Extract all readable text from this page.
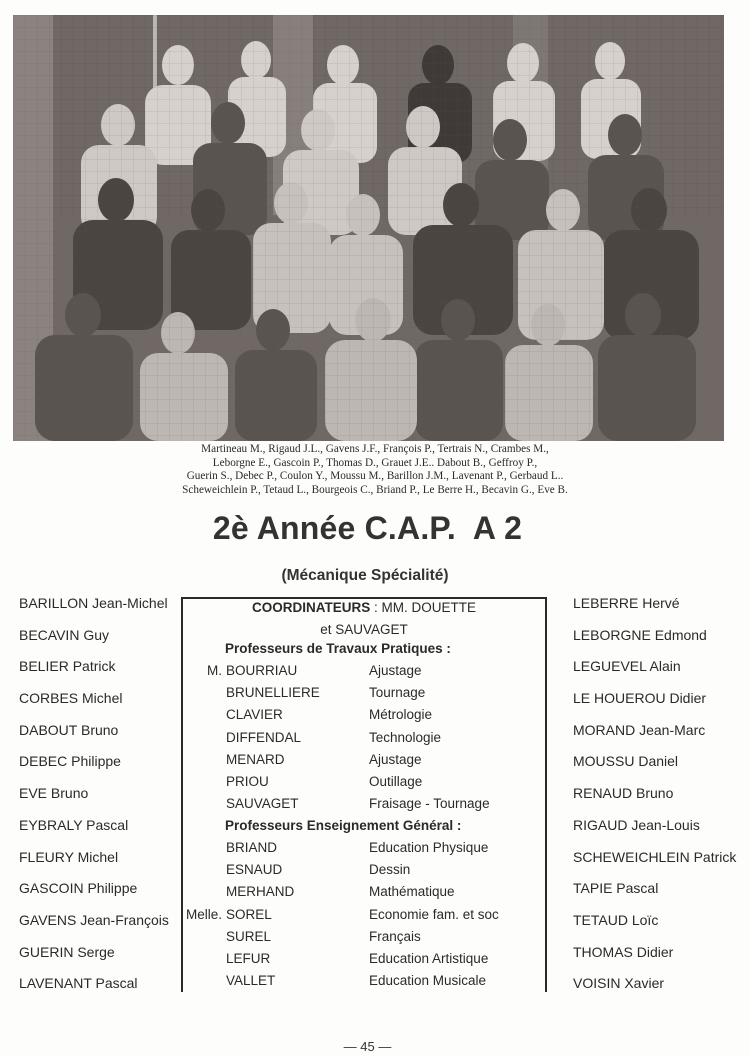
Martineau M., Rigaud J.L., Gavens J.F., François P., Tertrais N., Crambes M.,
Leborgne E., Gascoin P., Thomas D., Grauet J.E.. Dabout B., Geffroy P.,
Guerin S., Debec P., Coulon Y., Moussu M., Barillon J.M., Lavenant P., Gerbaud L..
Scheweichlein P., Tetaud L., Bourgeois C., Briand P., Le Berre H., Becavin G., Eve B.
2è Année C.A.P.  A 2
(Mécanique Spécialité)
BARILLON Jean-Michel
BECAVIN Guy
BELIER Patrick
CORBES Michel
DABOUT Bruno
DEBEC Philippe
EVE Bruno
EYBRALY Pascal
FLEURY Michel
GASCOIN Philippe
GAVENS Jean-François
GUERIN Serge
LAVENANT Pascal
LEBERRE Hervé
LEBORGNE Edmond
LEGUEVEL Alain
LE HOUEROU Didier
MORAND Jean-Marc
MOUSSU Daniel
RENAUD Bruno
RIGAUD Jean-Louis
SCHEWEICHLEIN Patrick
TAPIE Pascal
TETAUD Loïc
THOMAS Didier
VOISIN Xavier
COORDINATEURS : MM. DOUETTE
et SAUVAGET
Professeurs de Travaux Pratiques :
M. BOURRIAU	Ajustage
BRUNELLIERE	Tournage
CLAVIER	Métrologie
DIFFENDAL	Technologie
MENARD	Ajustage
PRIOU	Outillage
SAUVAGET	Fraisage - Tournage
Professeurs Enseignement Général :
BRIAND	Education Physique
ESNAUD	Dessin
MERHAND	Mathématique
Melle. SOREL	Economie fam. et soc
SUREL	Français
LEFUR	Education Artistique
VALLET	Education Musicale
— 45 —
